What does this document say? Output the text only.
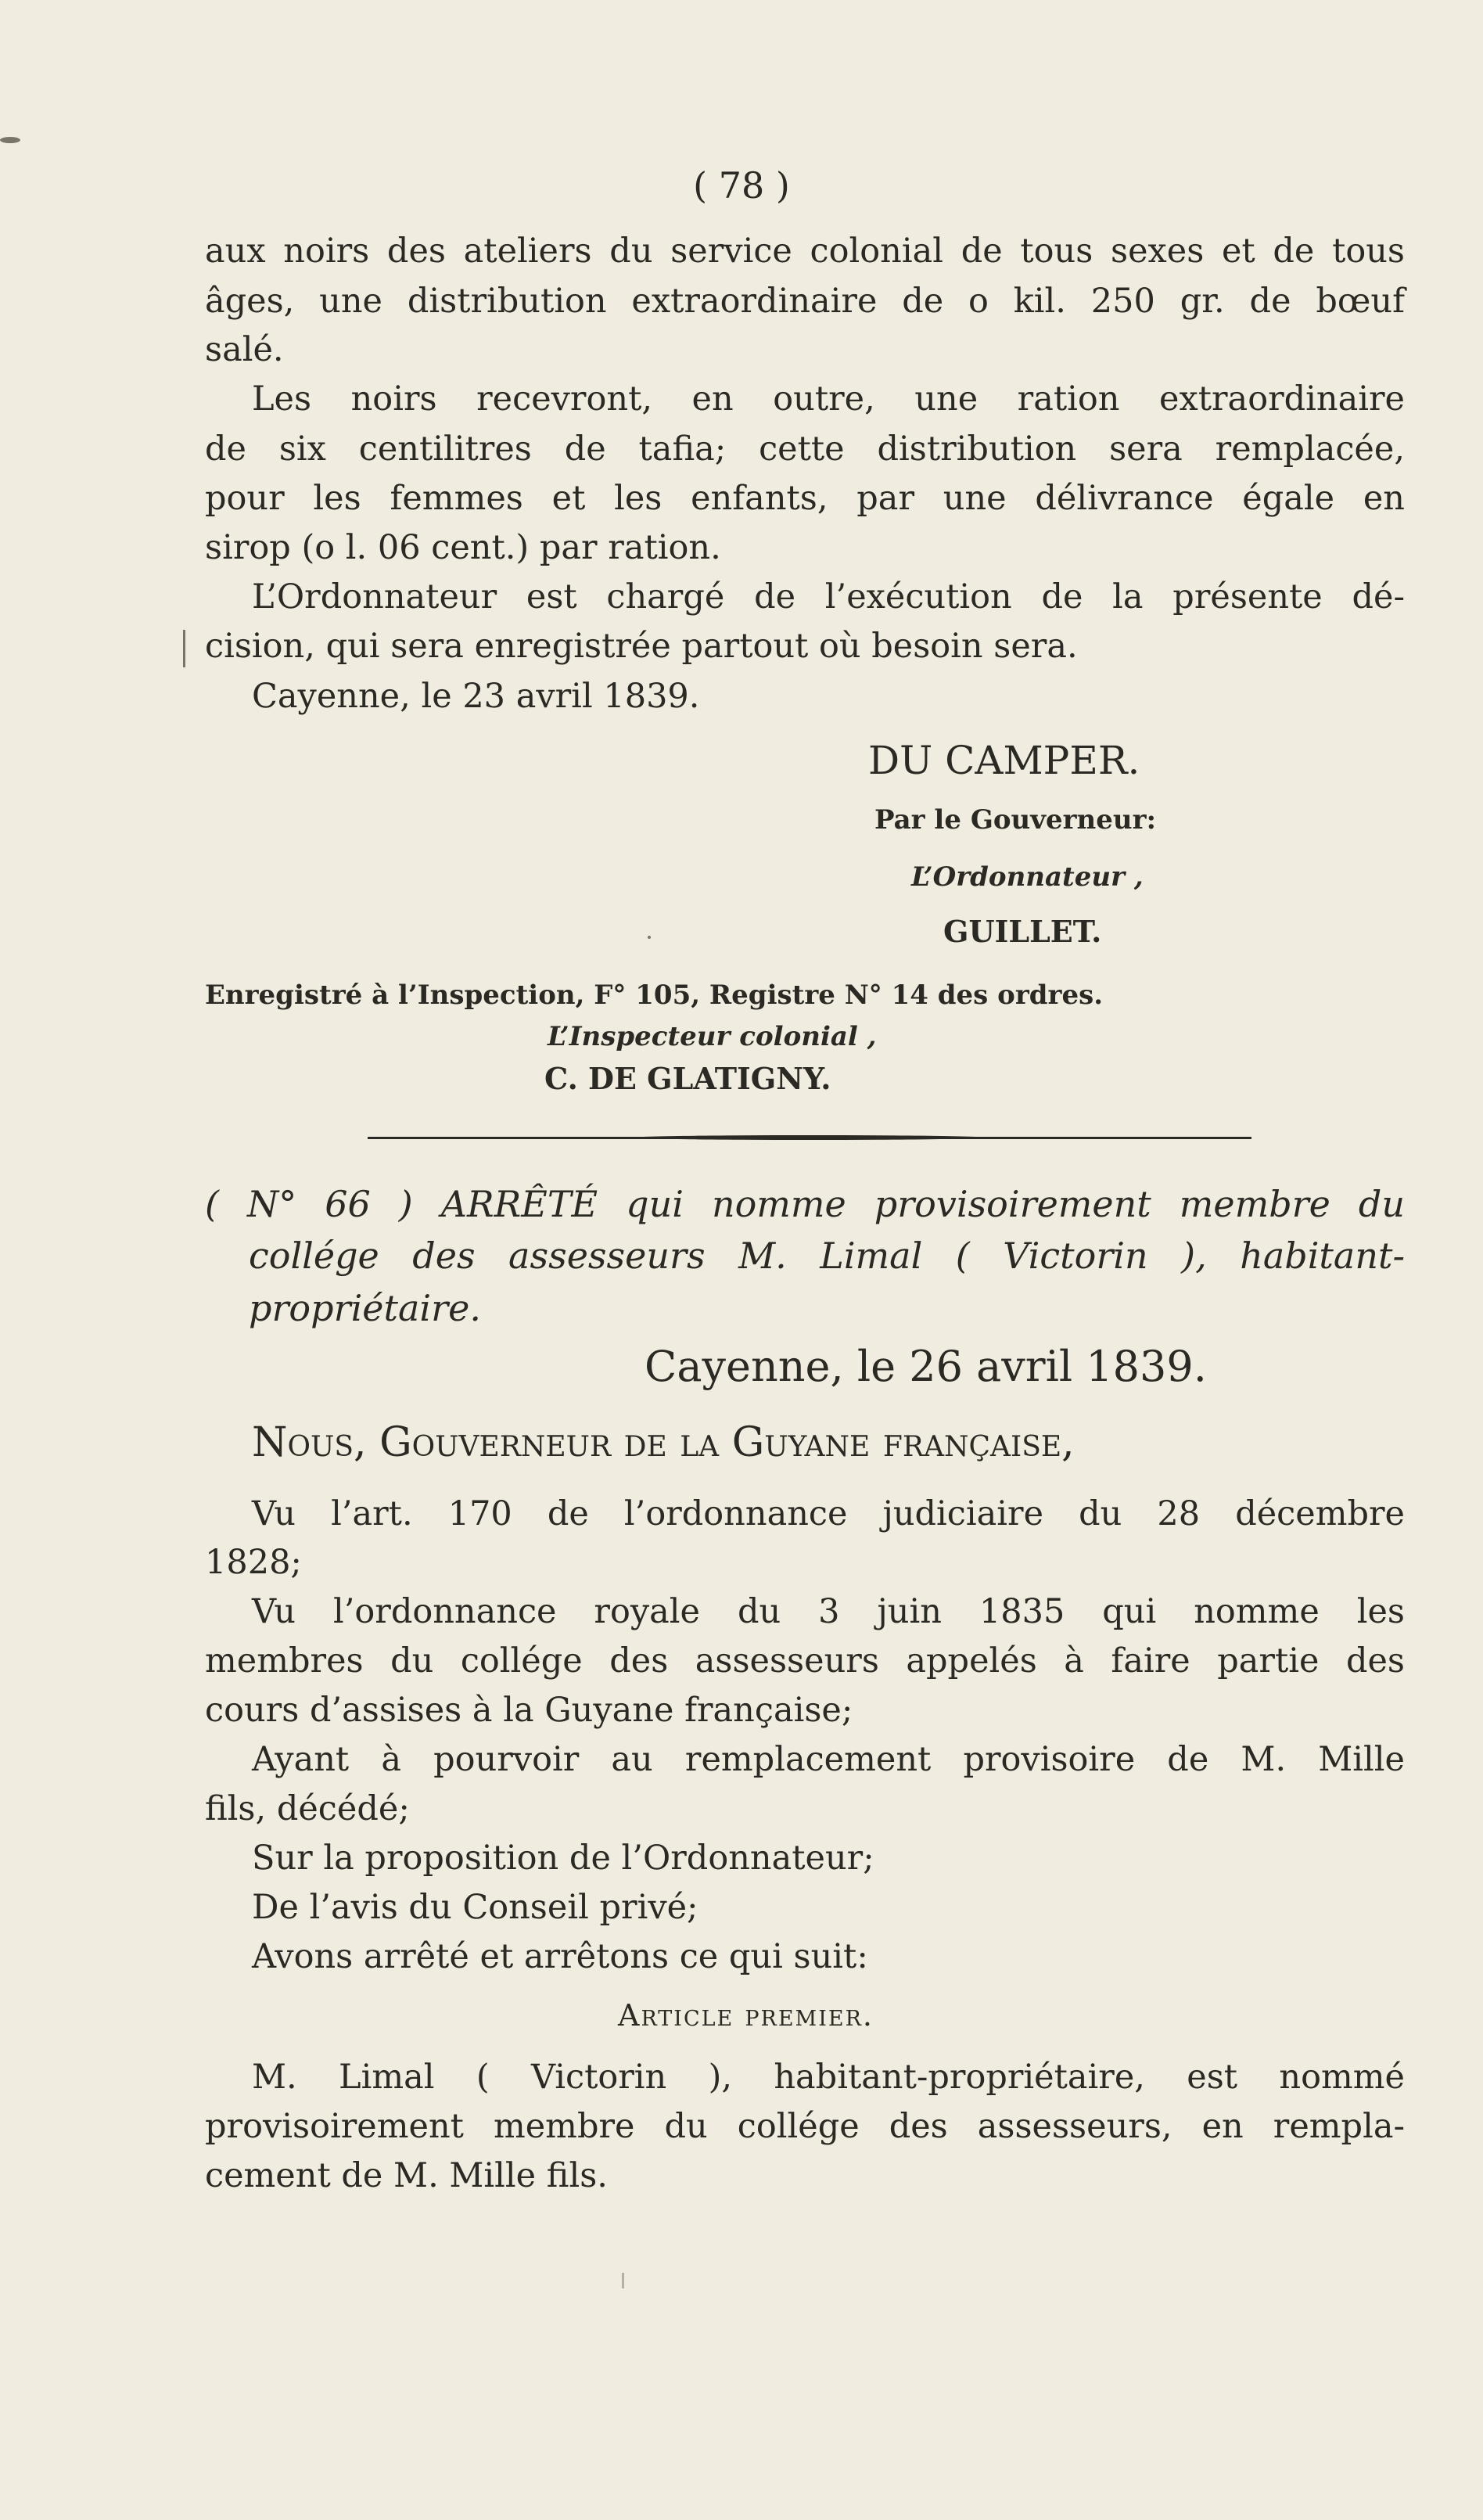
( 78 )

aux noirs des ateliers du service colonial de tous sexes et de tous

âges, une distribution extraordinaire de o kil. 250 gr. de bœuf

salé.

Les noirs recevront, en outre, une ration extraordinaire

de six centilitres de tafia; cette distribution sera remplacée,

pour les femmes et les enfants, par une délivrance égale en

sirop (o l. 06 cent.) par ration.

L’Ordonnateur est chargé de l’exécution de la présente dé-

cision, qui sera enregistrée partout où besoin sera.

Cayenne, le 23 avril 1839.

DU CAMPER.
Par le Gouverneur:
L’Ordonnateur ,
GUILLET.
Enregistré à l’Inspection, F° 105, Registre N° 14 des ordres.
L’Inspecteur colonial ,
C. DE GLATIGNY.

( N° 66 ) ARRÊTÉ qui nomme provisoirement membre du

collége des assesseurs M. Limal ( Victorin ), habitant-

propriétaire.

Cayenne, le 26 avril 1839.

Nous, Gouverneur de la Guyane française,

Vu l’art. 170 de l’ordonnance judiciaire du 28 décembre

1828;

Vu l’ordonnance royale du 3 juin 1835 qui nomme les

membres du collége des assesseurs appelés à faire partie des

cours d’assises à la Guyane française;

Ayant à pourvoir au remplacement provisoire de M. Mille

fils, décédé;

Sur la proposition de l’Ordonnateur;

De l’avis du Conseil privé;

Avons arrêté et arrêtons ce qui suit:

Article premier.

M. Limal ( Victorin ), habitant-propriétaire, est nommé

provisoirement membre du collége des assesseurs, en rempla-

cement de M. Mille fils.
